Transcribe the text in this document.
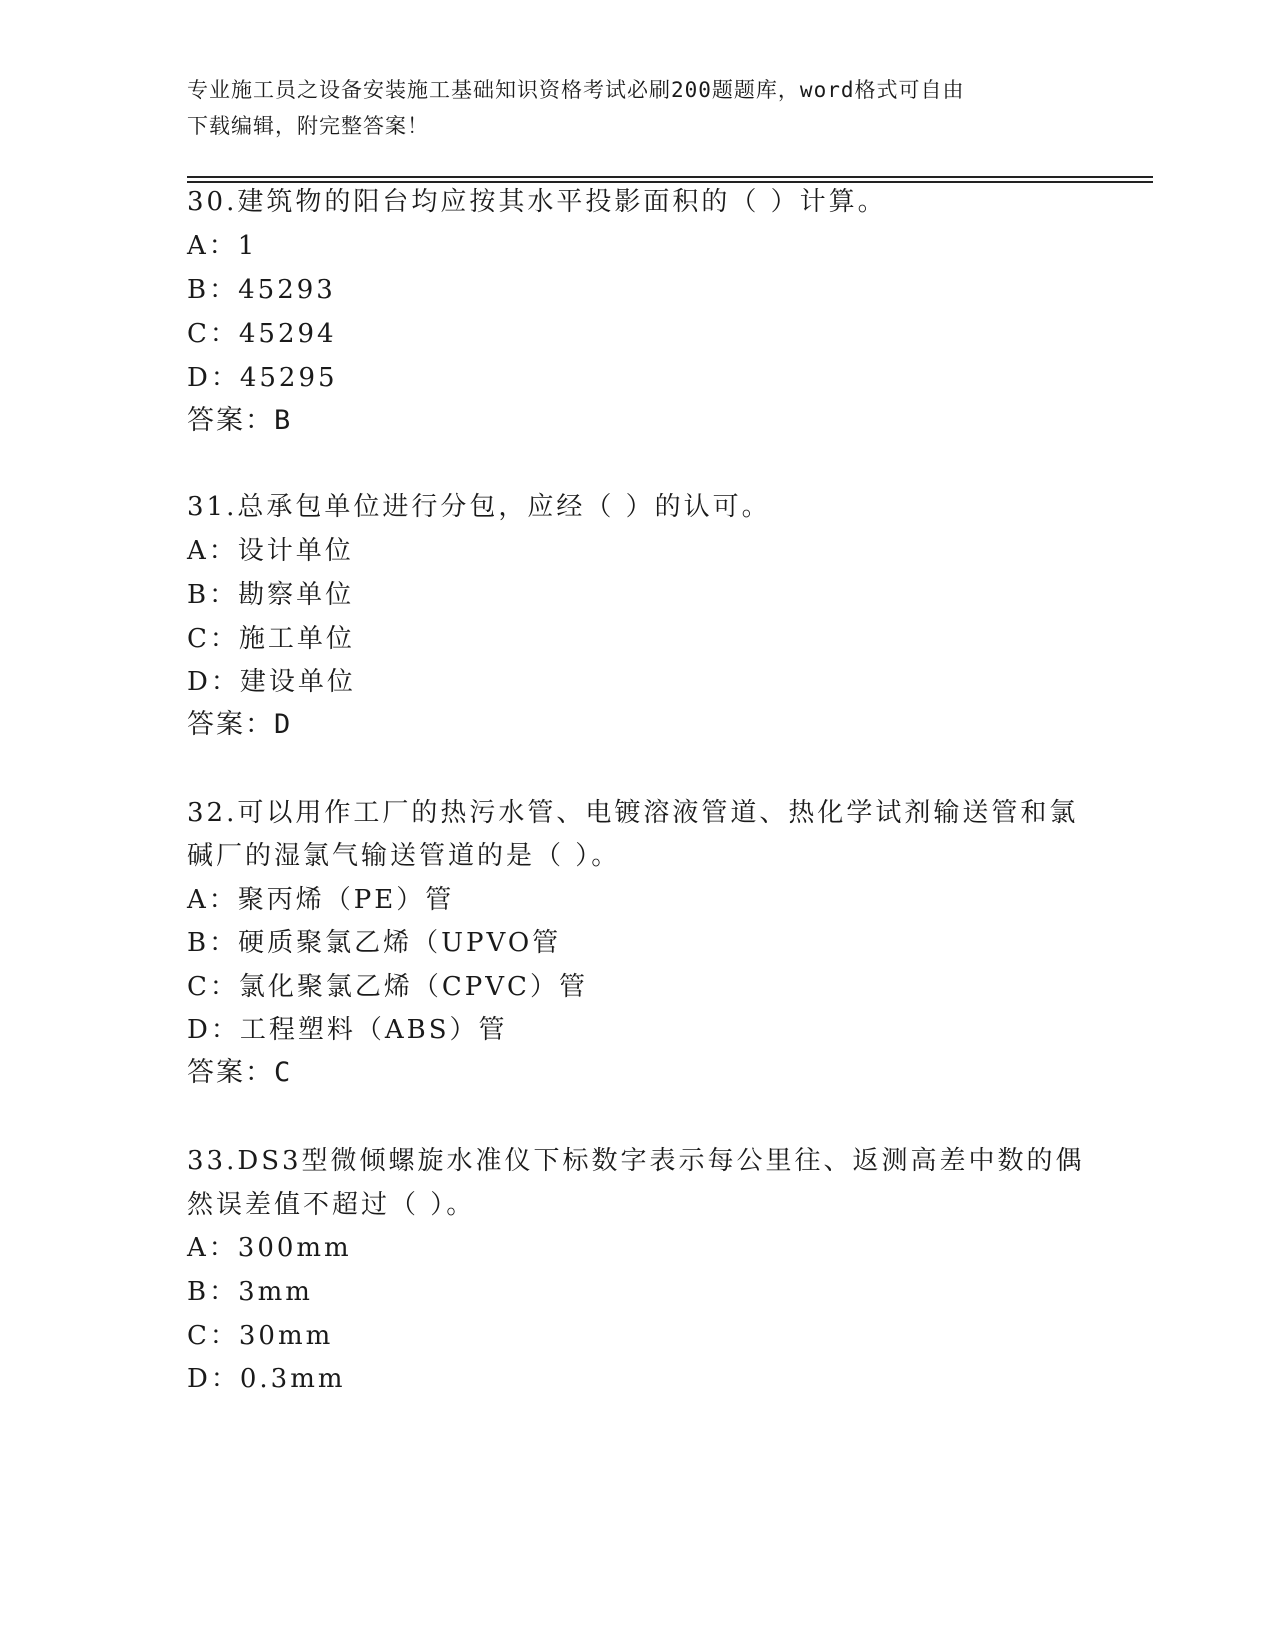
专业施工员之设备安装施工基础知识资格考试必刷200题题库，word格式可自由
下载编辑，附完整答案！
30.建筑物的阳台均应按其水平投影面积的（ ）计算。
A：1
B：45293
C：45294
D：45295
答案：B
31.总承包单位进行分包，应经（ ）的认可。
A：设计单位
B：勘察单位
C：施工单位
D：建设单位
答案：D
32.可以用作工厂的热污水管、电镀溶液管道、热化学试剂输送管和氯
碱厂的湿氯气输送管道的是（ ）。
A：聚丙烯（PE）管
B：硬质聚氯乙烯（UPVO管
C：氯化聚氯乙烯（CPVC）管
D：工程塑料（ABS）管
答案：C
33.DS3型微倾螺旋水准仪下标数字表示每公里往、返测高差中数的偶
然误差值不超过（ ）。
A：300mm
B：3mm
C：30mm
D：0.3mm
